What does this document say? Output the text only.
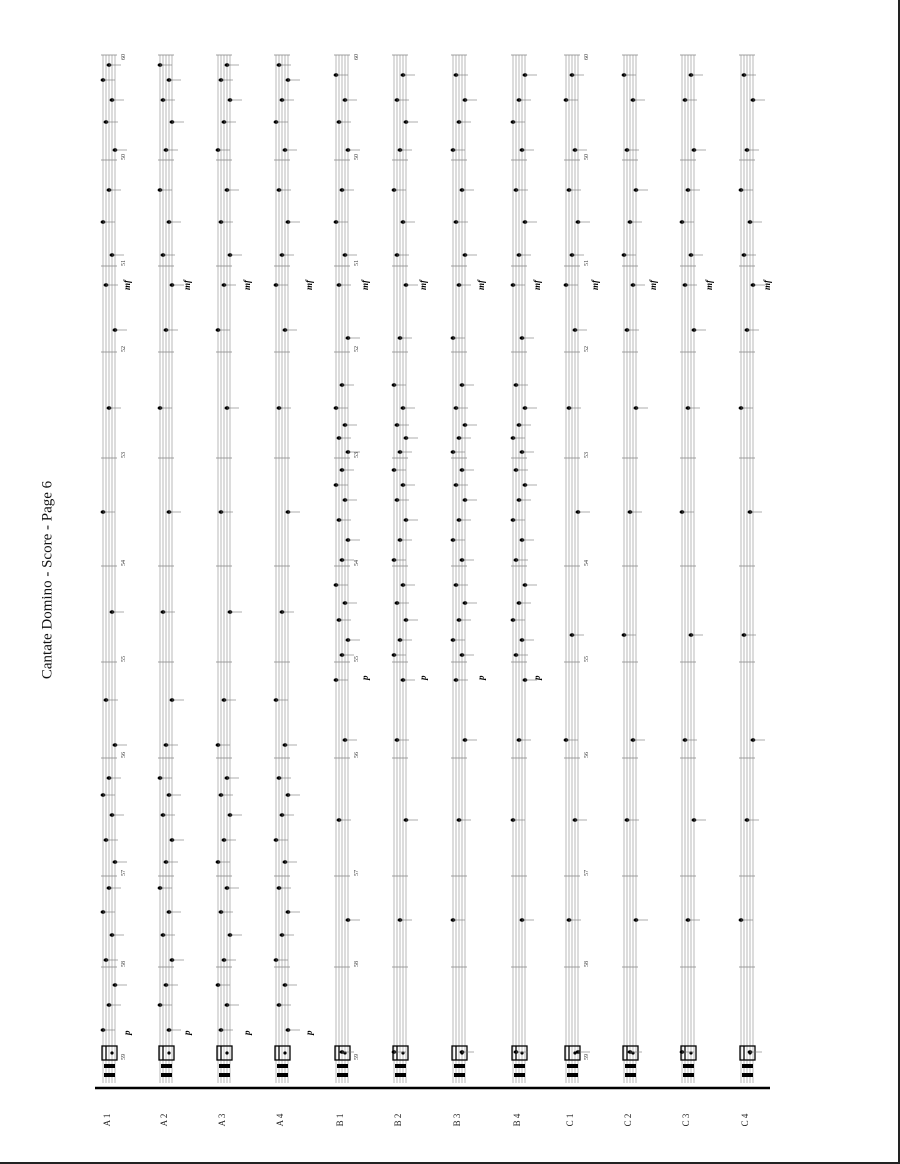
Cantate Domino - Score - Page 6
A 1	A 2	A 3	A 4	B 1	B 2	B 3	B 4	C 1	C 2	C 3	C 4
50
51
52
53
54
55
56
57
58
59
60
50
51
52
53
54
55
56
57
58
59
60
50
51
52
53
54
55
56
57
58
59
60
p	p	p	p
p	p	p	p
mf	mf	mf	mf	mf	mf	mf	mf	mf	mf	mf	mf
